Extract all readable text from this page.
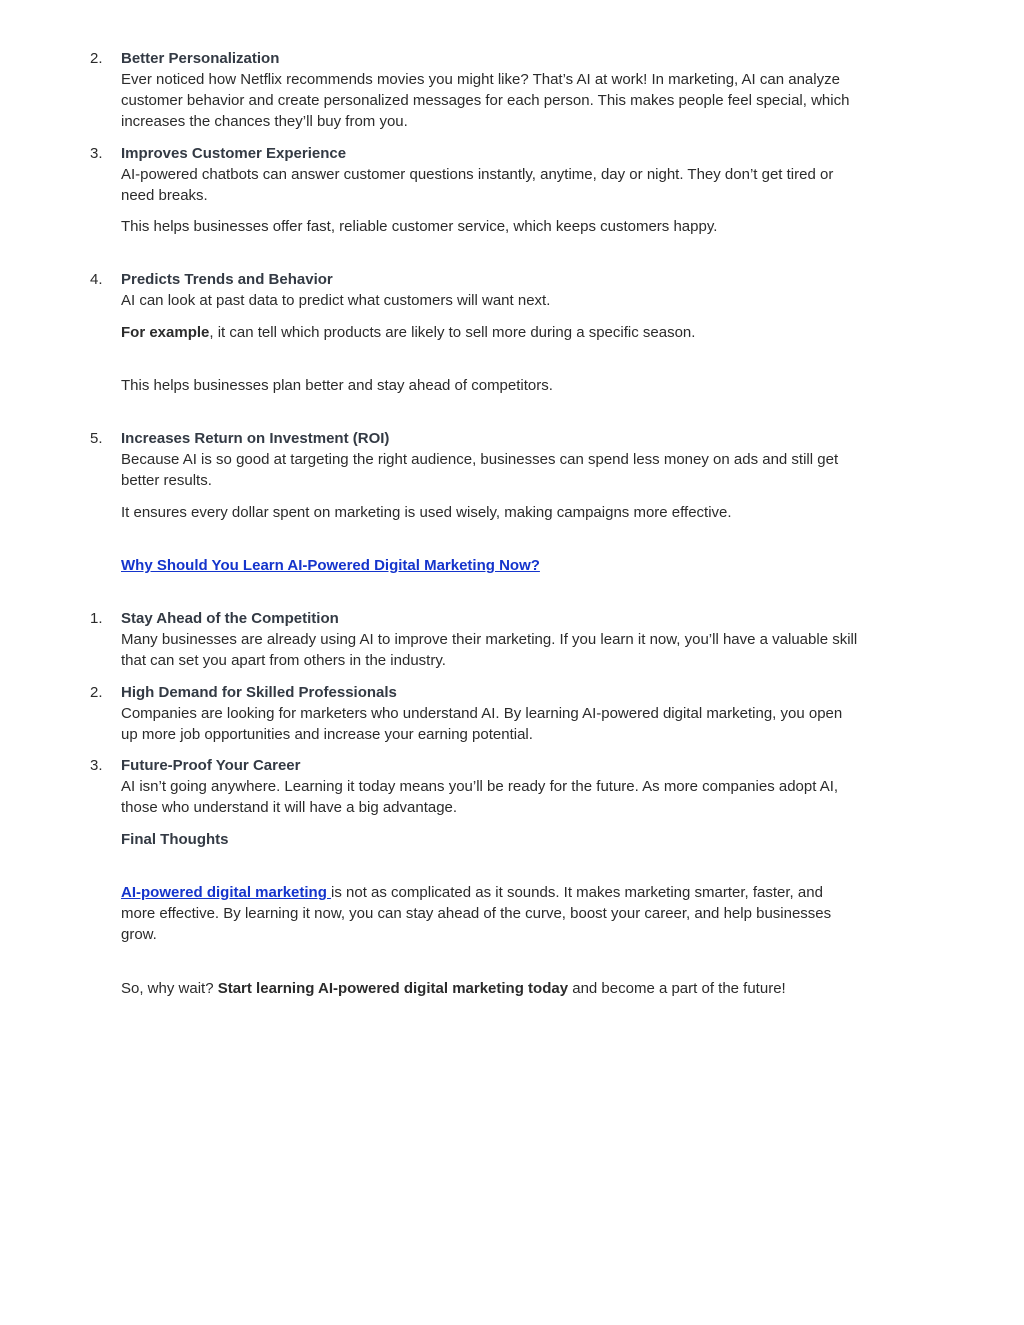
2.	Better Personalization

Ever noticed how Netflix recommends movies you might like? That’s AI at work! In marketing, AI can analyze

customer behavior and create personalized messages for each person. This makes people feel special, which

increases the chances they’ll buy from you.

3.	Improves Customer Experience

AI-powered chatbots can answer customer questions instantly, anytime, day or night. They don’t get tired or

need breaks.

This helps businesses offer fast, reliable customer service, which keeps customers happy.

4.	Predicts Trends and Behavior

AI can look at past data to predict what customers will want next.

For example, it can tell which products are likely to sell more during a specific season.

This helps businesses plan better and stay ahead of competitors.

5.	Increases Return on Investment (ROI)

Because AI is so good at targeting the right audience, businesses can spend less money on ads and still get

better results.

It ensures every dollar spent on marketing is used wisely, making campaigns more effective.

Why Should You Learn AI-Powered Digital Marketing Now?

1.	Stay Ahead of the Competition

Many businesses are already using AI to improve their marketing. If you learn it now, you’ll have a valuable skill

that can set you apart from others in the industry.

2.	High Demand for Skilled Professionals

Companies are looking for marketers who understand AI. By learning AI-powered digital marketing, you open

up more job opportunities and increase your earning potential.

3.	Future-Proof Your Career

AI isn’t going anywhere. Learning it today means you’ll be ready for the future. As more companies adopt AI,

those who understand it will have a big advantage.

Final Thoughts

AI-powered digital marketing is not as complicated as it sounds. It makes marketing smarter, faster, and

more effective. By learning it now, you can stay ahead of the curve, boost your career, and help businesses

grow.

So, why wait? Start learning AI-powered digital marketing today and become a part of the future!
